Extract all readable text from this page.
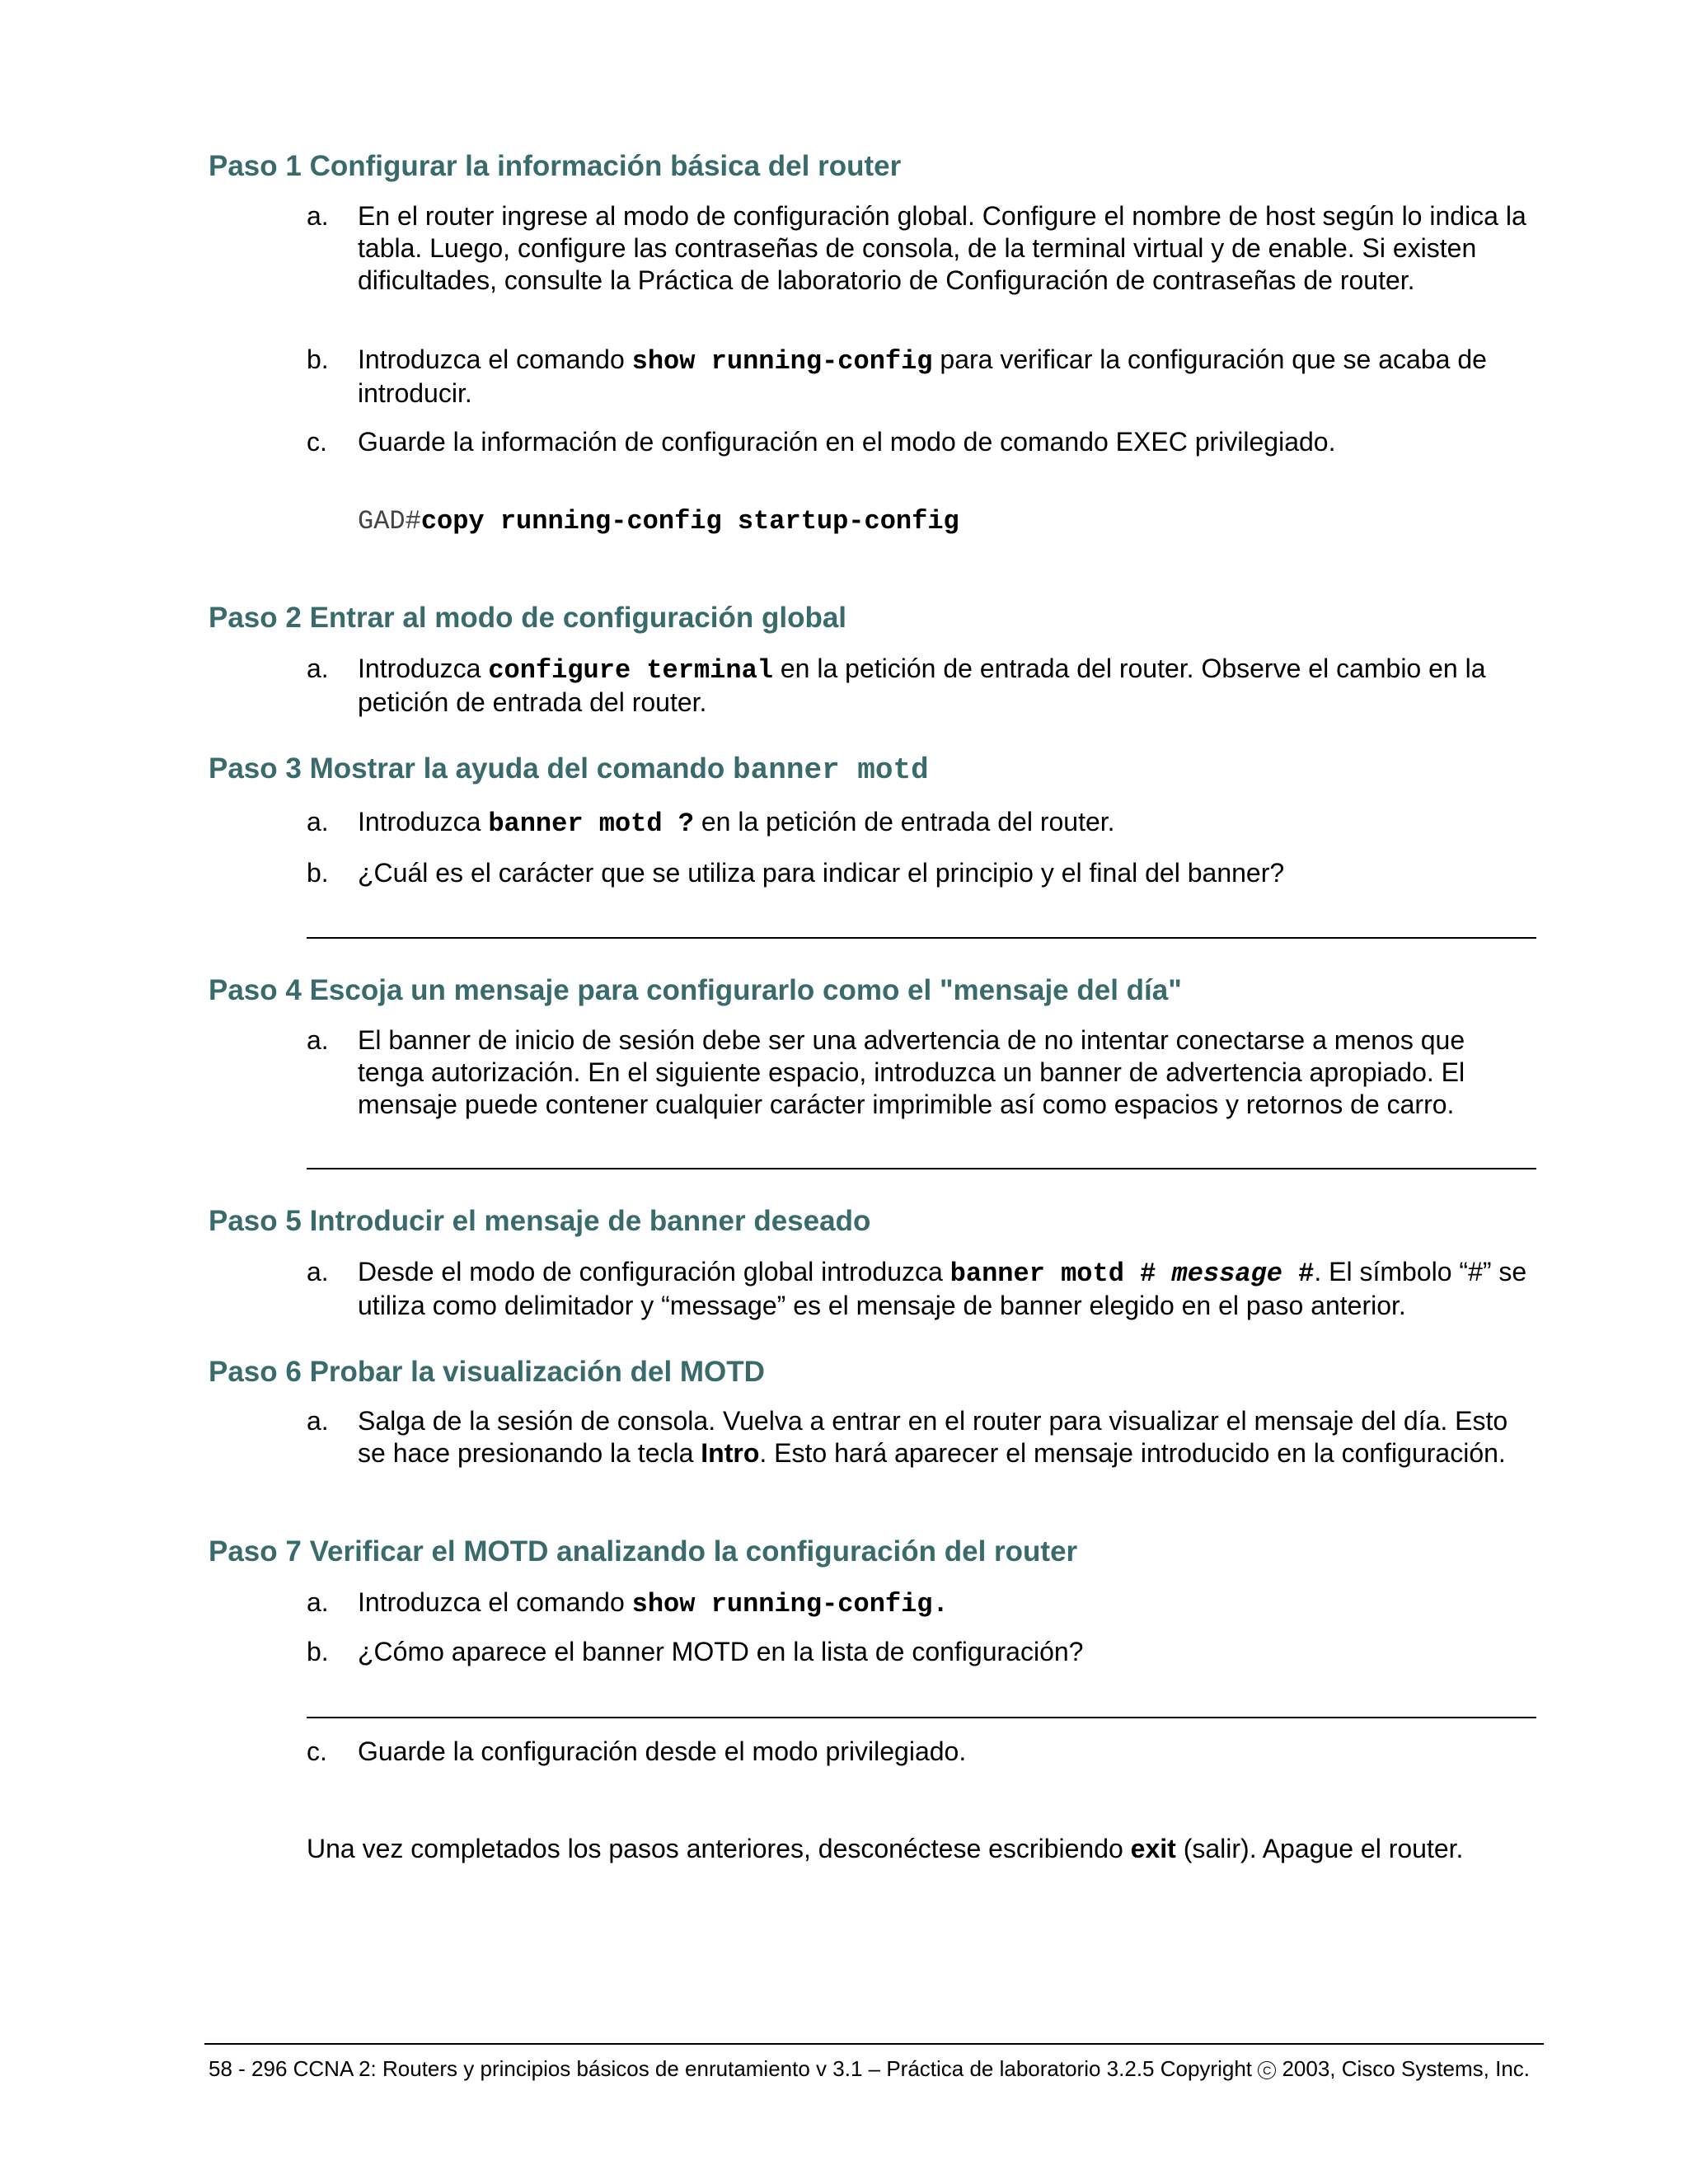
Paso 1 Configurar la información básica del router
a. En el router ingrese al modo de configuración global. Configure el nombre de host según lo indica la tabla. Luego, configure las contraseñas de consola, de la terminal virtual y de enable. Si existen dificultades, consulte la Práctica de laboratorio de Configuración de contraseñas de router.
b. Introduzca el comando show running-config para verificar la configuración que se acaba de introducir.
c. Guarde la información de configuración en el modo de comando EXEC privilegiado.
GAD#copy running-config startup-config
Paso 2 Entrar al modo de configuración global
a. Introduzca configure terminal en la petición de entrada del router. Observe el cambio en la petición de entrada del router.
Paso 3 Mostrar la ayuda del comando banner motd
a. Introduzca banner motd ? en la petición de entrada del router.
b. ¿Cuál es el carácter que se utiliza para indicar el principio y el final del banner?
Paso 4 Escoja un mensaje para configurarlo como el "mensaje del día"
a. El banner de inicio de sesión debe ser una advertencia de no intentar conectarse a menos que tenga autorización. En el siguiente espacio, introduzca un banner de advertencia apropiado. El mensaje puede contener cualquier carácter imprimible así como espacios y retornos de carro.
Paso 5 Introducir el mensaje de banner deseado
a. Desde el modo de configuración global introduzca banner motd # message #. El símbolo “#” se utiliza como delimitador y “message” es el mensaje de banner elegido en el paso anterior.
Paso 6 Probar la visualización del MOTD
a. Salga de la sesión de consola. Vuelva a entrar en el router para visualizar el mensaje del día. Esto se hace presionando la tecla Intro. Esto hará aparecer el mensaje introducido en la configuración.
Paso 7 Verificar el MOTD analizando la configuración del router
a. Introduzca el comando show running-config.
b. ¿Cómo aparece el banner MOTD en la lista de configuración?
c. Guarde la configuración desde el modo privilegiado.
Una vez completados los pasos anteriores, desconéctese escribiendo exit (salir). Apague el router.
58 - 296 CCNA 2: Routers y principios básicos de enrutamiento v 3.1 – Práctica de laboratorio 3.2.5 Copyright C 2003, Cisco Systems, Inc.
